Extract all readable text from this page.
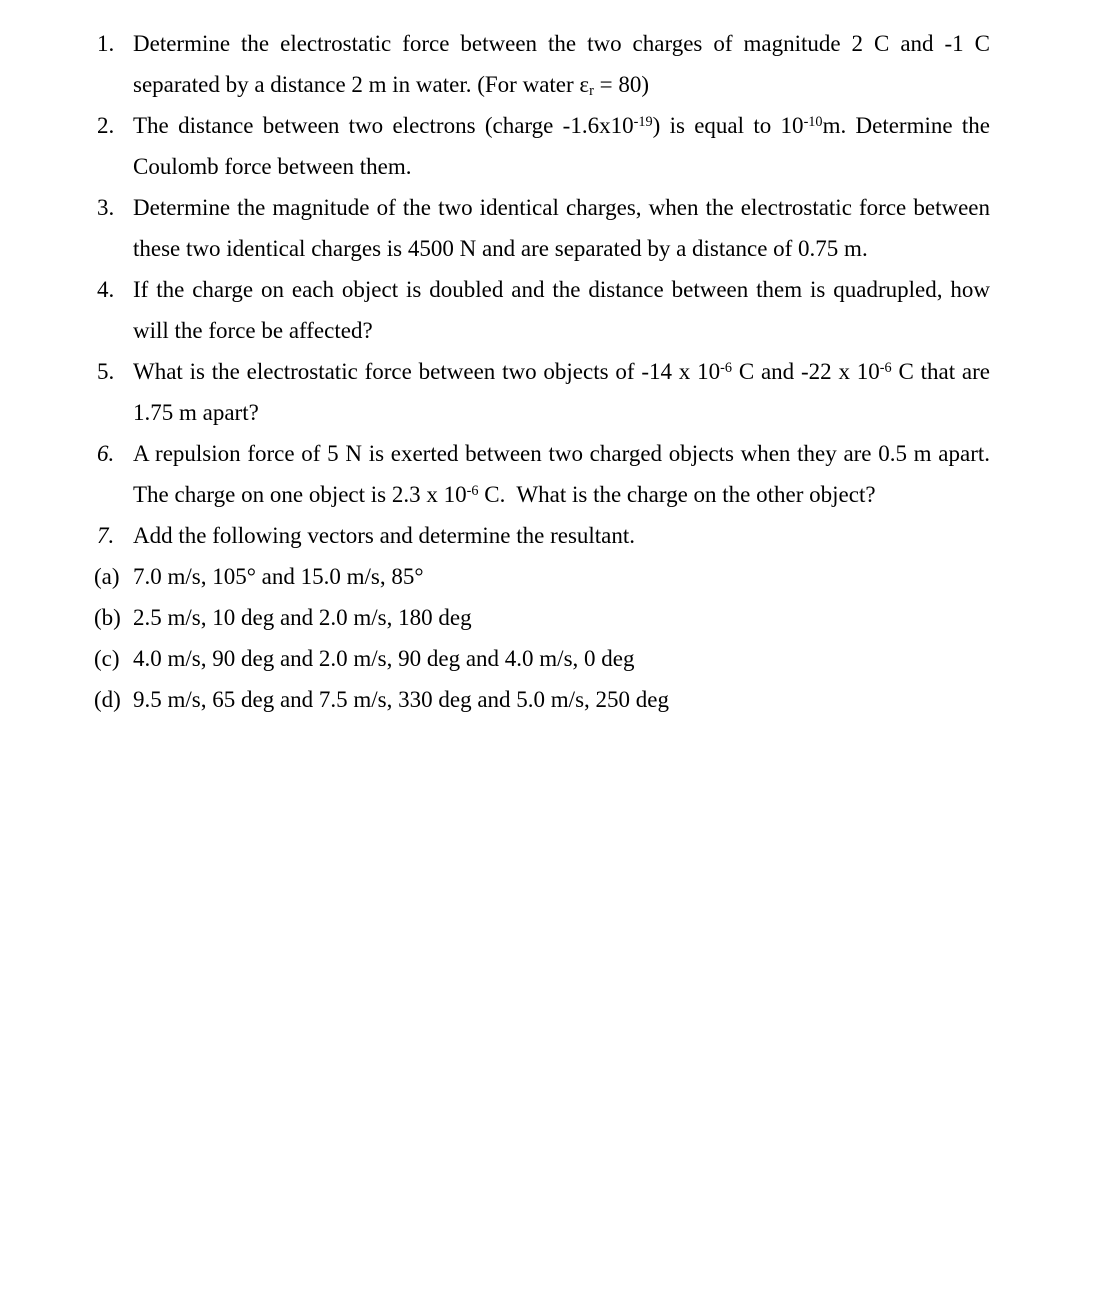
1. Determine the electrostatic force between the two charges of magnitude 2 C and -1 C separated by a distance 2 m in water. (For water εr = 80)
2. The distance between two electrons (charge $-1.6x10^{-19}$) is equal to $10^{-10}m$. Determine the Coulomb force between them.
3. Determine the magnitude of the two identical charges, when the electrostatic force between these two identical charges is 4500 N and are separated by a distance of 0.75 m.
4. If the charge on each object is doubled and the distance between them is quadrupled, how will the force be affected?
5. What is the electrostatic force between two objects of -14 x $10^{-6}$ C and -22 x $10^{-6}$ C that are 1.75 m apart?
6. A repulsion force of 5 N is exerted between two charged objects when they are 0.5 m apart. The charge on one object is 2.3 x $10^{-6}$ C.  What is the charge on the other object?
7. Add the following vectors and determine the resultant.
(a) 7.0 m/s, 105° and 15.0 m/s, 85°
(b) 2.5 m/s, 10 deg and 2.0 m/s, 180 deg
(c) 4.0 m/s, 90 deg and 2.0 m/s, 90 deg and 4.0 m/s, 0 deg
(d) 9.5 m/s, 65 deg and 7.5 m/s, 330 deg and 5.0 m/s, 250 deg
